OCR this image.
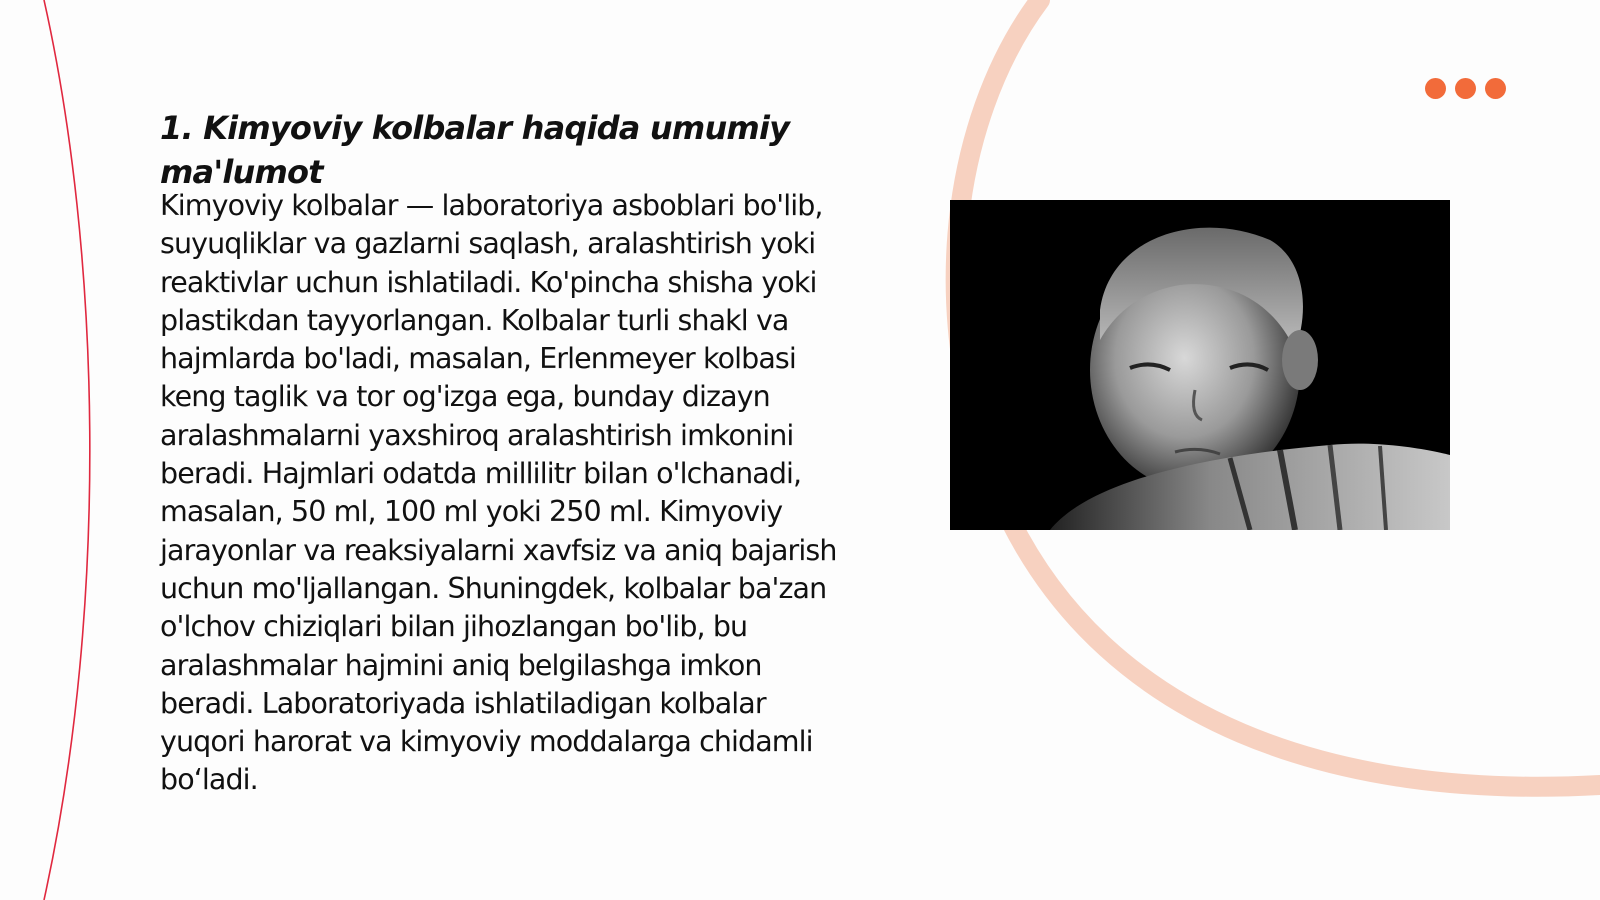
1. Kimyoviy kolbalar haqida umumiy ma'lumot

Kimyoviy kolbalar — laboratoriya asboblari bo'lib, suyuqliklar va gazlarni saqlash, aralashtirish yoki reaktivlar uchun ishlatiladi. Ko'pincha shisha yoki plastikdan tayyorlangan. Kolbalar turli shakl va hajmlarda bo'ladi, masalan, Erlenmeyer kolbasi keng taglik va tor og'izga ega, bunday dizayn aralashmalarni yaxshiroq aralashtirish imkonini beradi. Hajmlari odatda millilitr bilan o'lchanadi, masalan, 50 ml, 100 ml yoki 250 ml. Kimyoviy jarayonlar va reaksiyalarni xavfsiz va aniq bajarish uchun mo'ljallangan. Shuningdek, kolbalar ba'zan o'lchov chiziqlari bilan jihozlangan bo'lib, bu aralashmalar hajmini aniq belgilashga imkon beradi. Laboratoriyada ishlatiladigan kolbalar yuqori harorat va kimyoviy moddalarga chidamli bo‘ladi.
